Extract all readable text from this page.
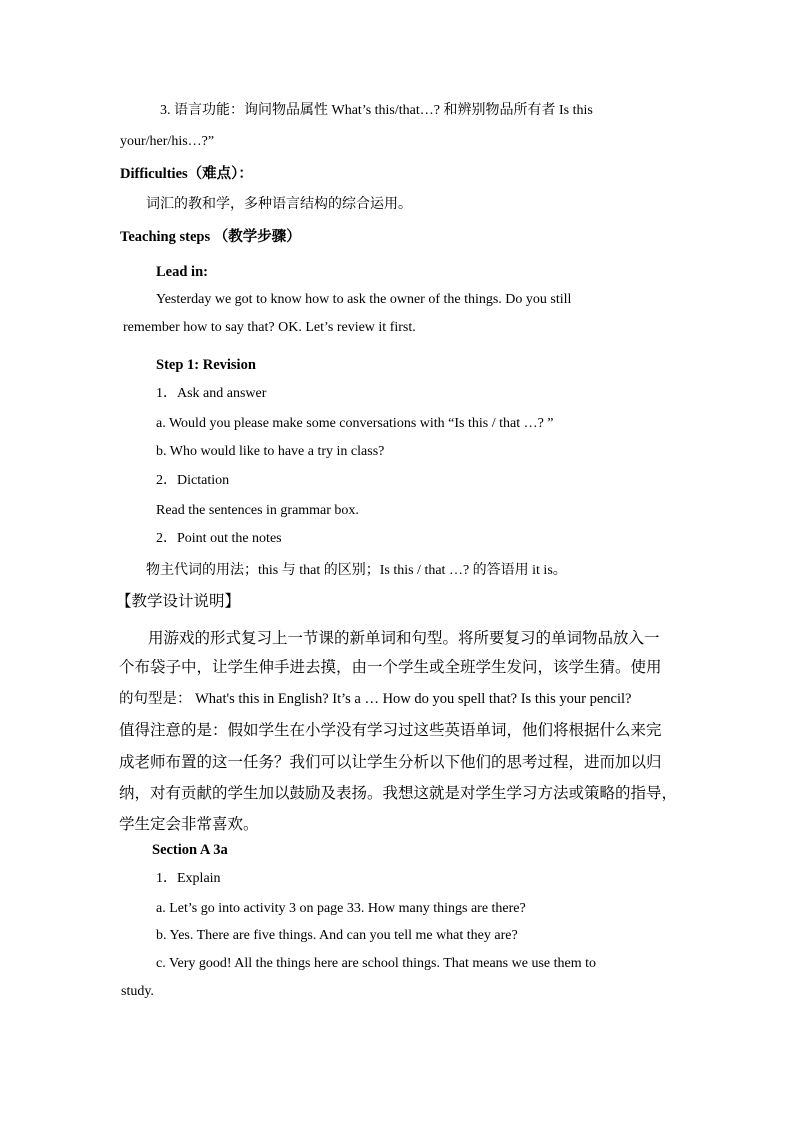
3. 语言功能：询问物品属性 What’s this/that…? 和辨别物品所有者 Is this
your/her/his…?”
Difficulties（难点）：
词汇的教和学，多种语言结构的综合运用。
Teaching steps （教学步骤）
Lead in:
Yesterday we got to know how to ask the owner of the things. Do you still
remember how to say that? OK. Let’s review it first.
Step 1: Revision
1．Ask and answer
a. Would you please make some conversations with “Is this / that …? ”
b. Who would like to have a try in class?
2．Dictation
Read the sentences in grammar box.
2．Point out the notes
物主代词的用法；this 与 that 的区别；Is this / that …? 的答语用 it is。
【教学设计说明】
用游戏的形式复习上一节课的新单词和句型。将所要复习的单词物品放入一
个布袋子中，让学生伸手进去摸，由一个学生或全班学生发问，该学生猜。使用
的句型是： What's this in English? It’s a … How do you spell that? Is this your pencil?
值得注意的是：假如学生在小学没有学习过这些英语单词，他们将根据什么来完
成老师布置的这一任务？我们可以让学生分析以下他们的思考过程，进而加以归
纳，对有贡献的学生加以鼓励及表扬。我想这就是对学生学习方法或策略的指导，
学生定会非常喜欢。
Section A 3a
1．Explain
a. Let’s go into activity 3 on page 33. How many things are there?
b. Yes. There are five things. And can you tell me what they are?
c. Very good! All the things here are school things. That means we use them to
study.
